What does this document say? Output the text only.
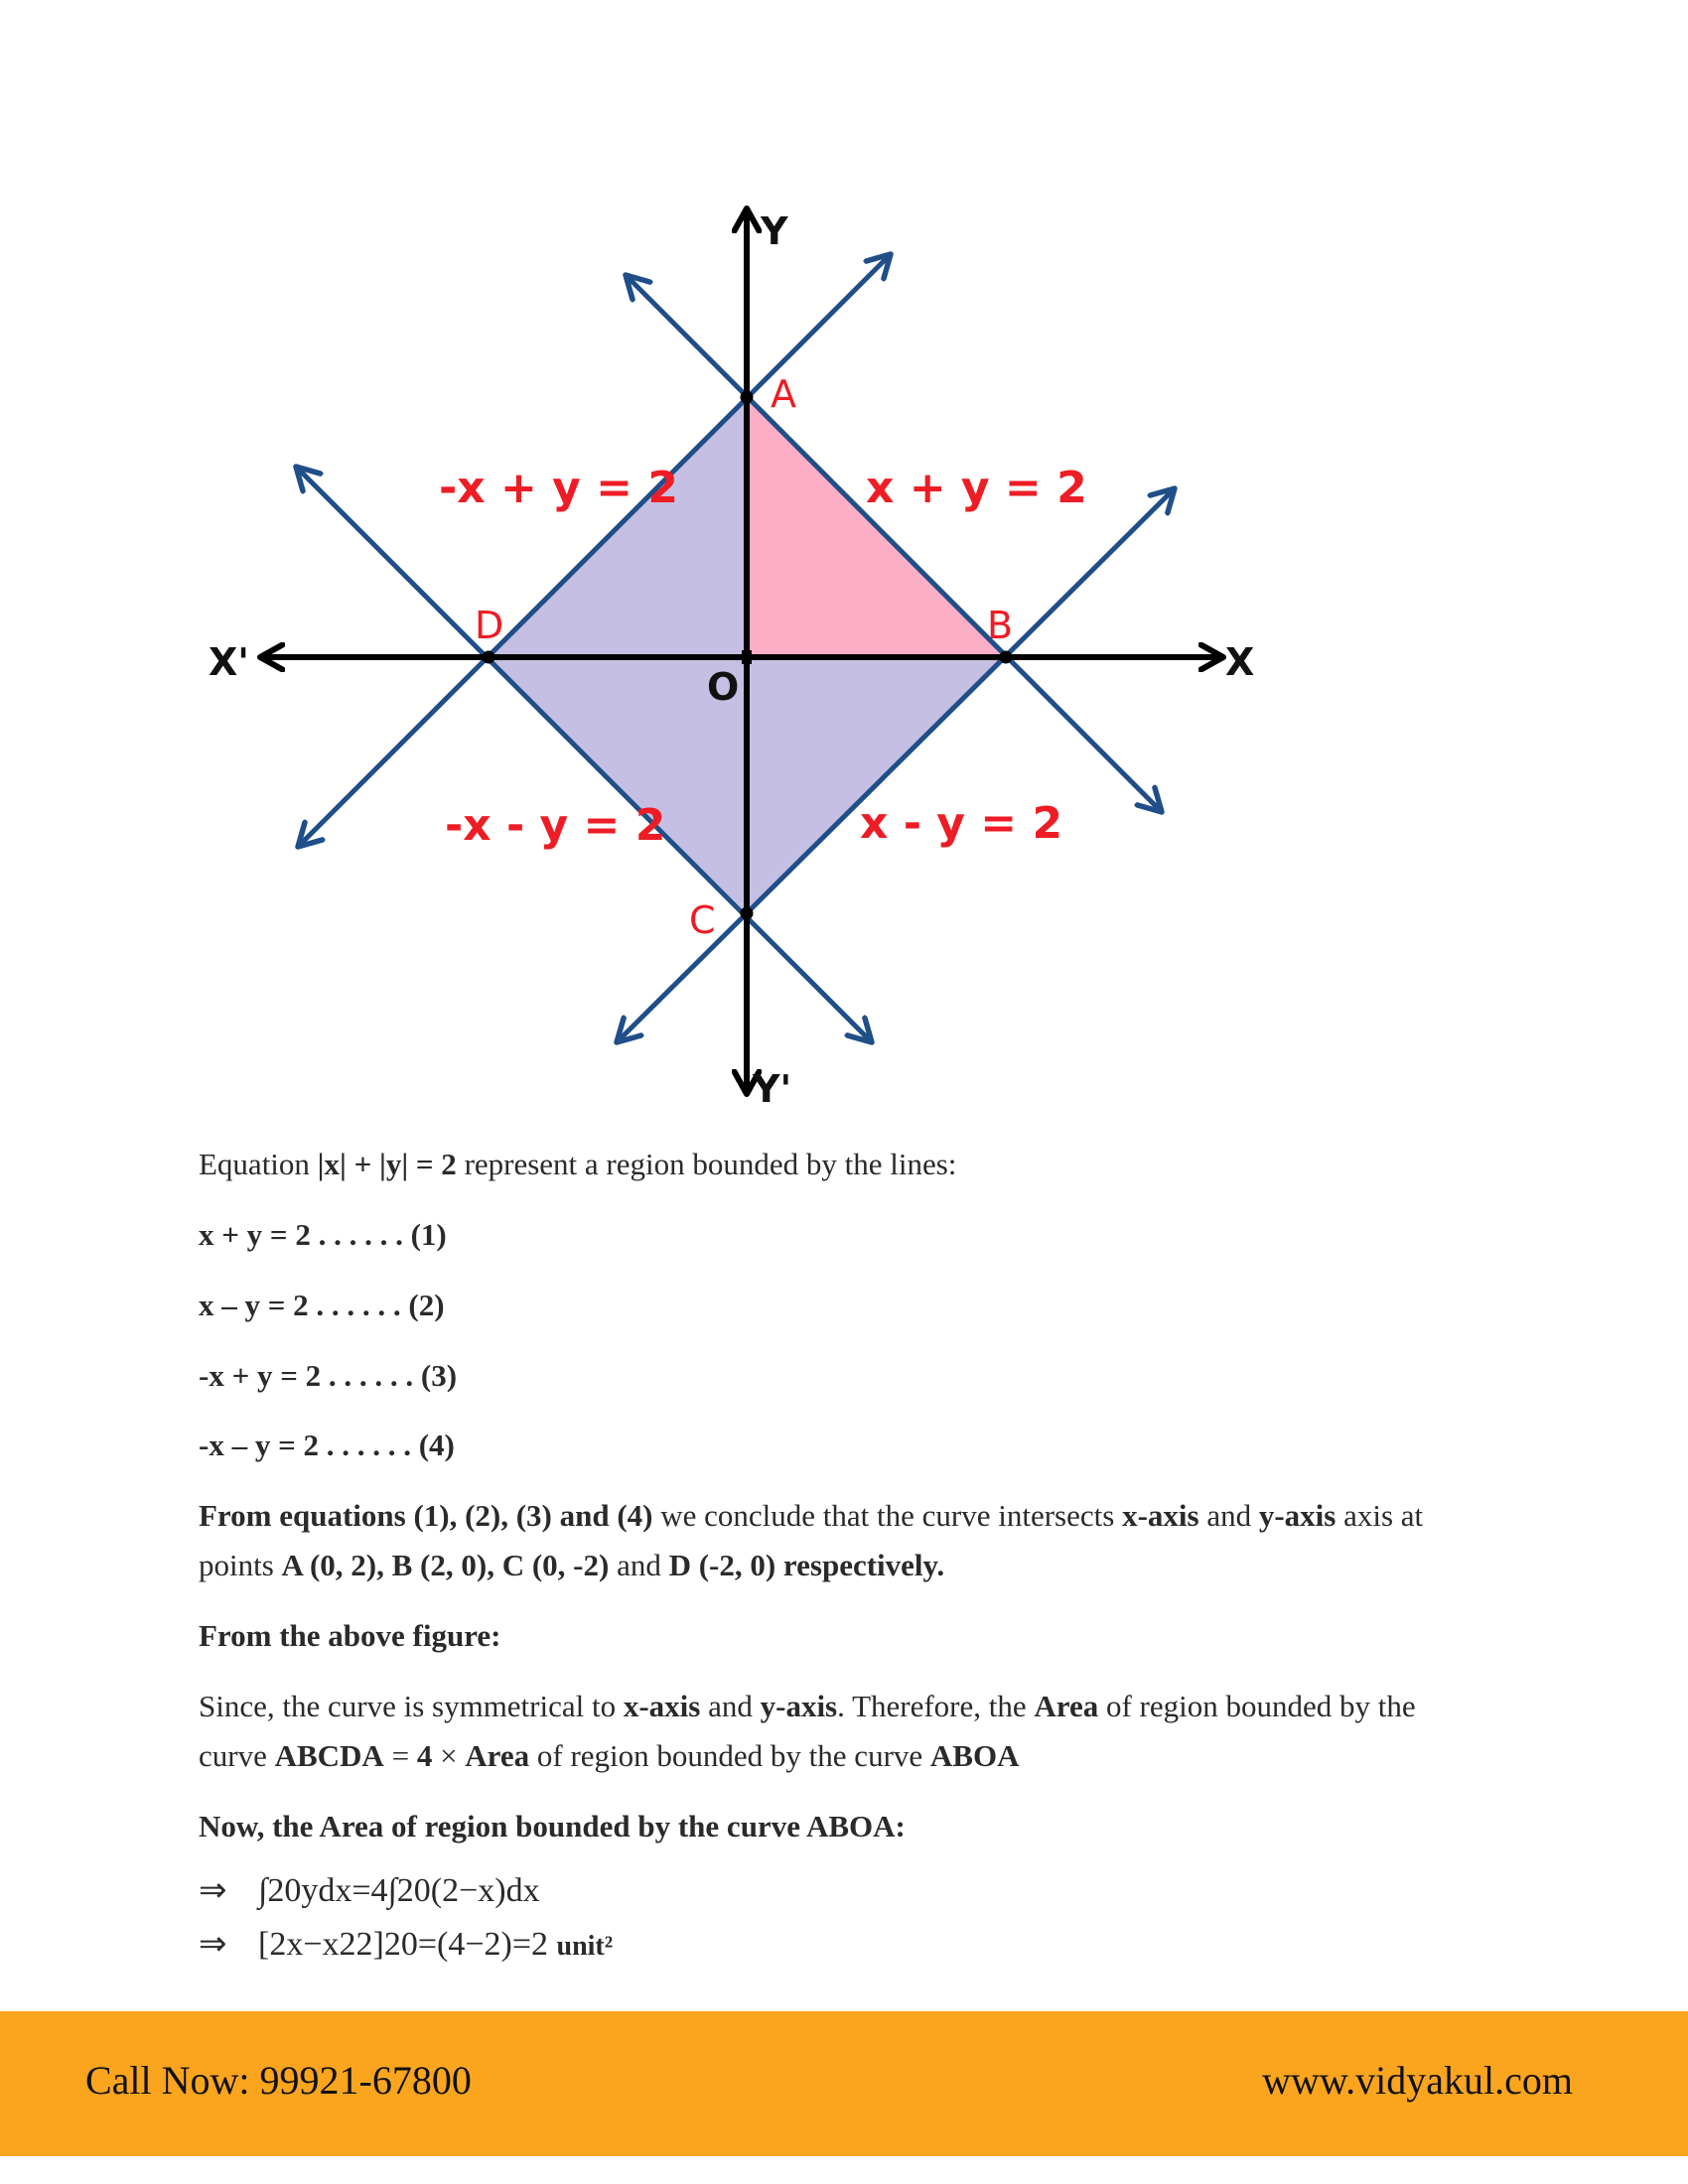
Y
Y'
X
X'
O
A
B
C
D
x + y = 2
-x + y = 2
-x - y = 2	x - y = 2
Equation |x| + |y| = 2 represent a region bounded by the lines:
x + y = 2 . . . . . . (1)
x – y = 2 . . . . . . (2)
-x + y = 2 . . . . . . (3)
-x – y = 2 . . . . . . (4)
From equations (1), (2), (3) and (4) we conclude that the curve intersects x-axis and y-axis axis at points A (0, 2), B (2, 0), C (0, -2) and D (-2, 0) respectively.
From the above figure:
Since, the curve is symmetrical to x-axis and y-axis. Therefore, the Area of region bounded by the curve ABCDA = 4 × Area of region bounded by the curve ABOA
Now, the Area of region bounded by the curve ABOA:
⇒ ∫20ydx=4∫20(2−x)dx
⇒ [2x−x22]20=(4−2)=2 unit²
Call Now: 99921-67800	www.vidyakul.com
